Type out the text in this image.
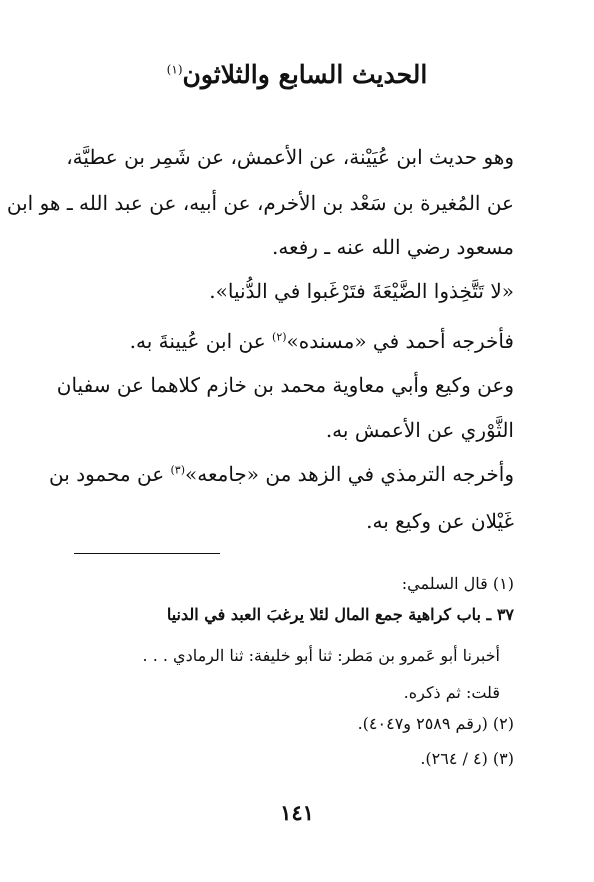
الحديث السابع والثلاثون$^{(١)}$
وهو حديث ابن عُيَيْنة، عن الأعمش، عن شَمِر بن عطيَّة،
عن المُغيرة بن سَعْد بن الأخرم، عن أبيه، عن عبد الله ـ هو ابن
مسعود رضي الله عنه ـ رفعه.
«لا تَتَّخِذوا الضَّيْعَةَ فتَرْغَبوا في الدُّنيا».
فأخرجه أحمد في «مسنده»$^{(٢)}$ عن ابن عُيينةَ به.
وعن وكيع وأبي معاوية محمد بن خازم كلاهما عن سفيان
الثَّوْري عن الأعمش به.
وأخرجه الترمذي في الزهد من «جامعه»$^{(٣)}$ عن محمود بن
غَيْلان عن وكيع به.
(١) قال السلمي:
٣٧ ـ باب كراهية جمع المال لئلا يرغبَ العبد في الدنيا
أخبرنا أبو عَمرو بن مَطر: ثنا أبو خليفة: ثنا الرمادي . . .
قلت: ثم ذكره.
(٢) (رقم ٢٥٨٩ و٤٠٤٧).
(٣) (٤ / ٢٦٤).
١٤١
